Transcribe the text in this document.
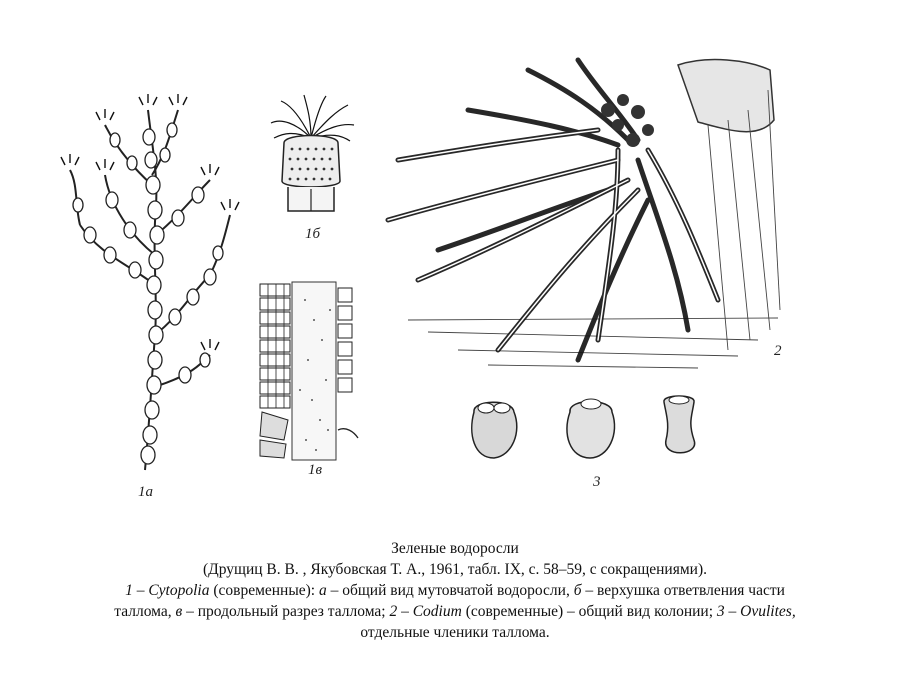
1а
1б
1в
2
3
Зеленые водоросли
(Друщиц В. В. , Якубовская Т. А., 1961, табл. IX, с. 58–59, с сокращениями).
1 – Cytopolia (современные): а – общий вид мутовчатой водоросли, б – верхушка ответвления части
таллома, в – продольный разрез таллома; 2 – Codium (современные) – общий вид колонии; 3 – Ovulites,
отдельные членики таллома.
